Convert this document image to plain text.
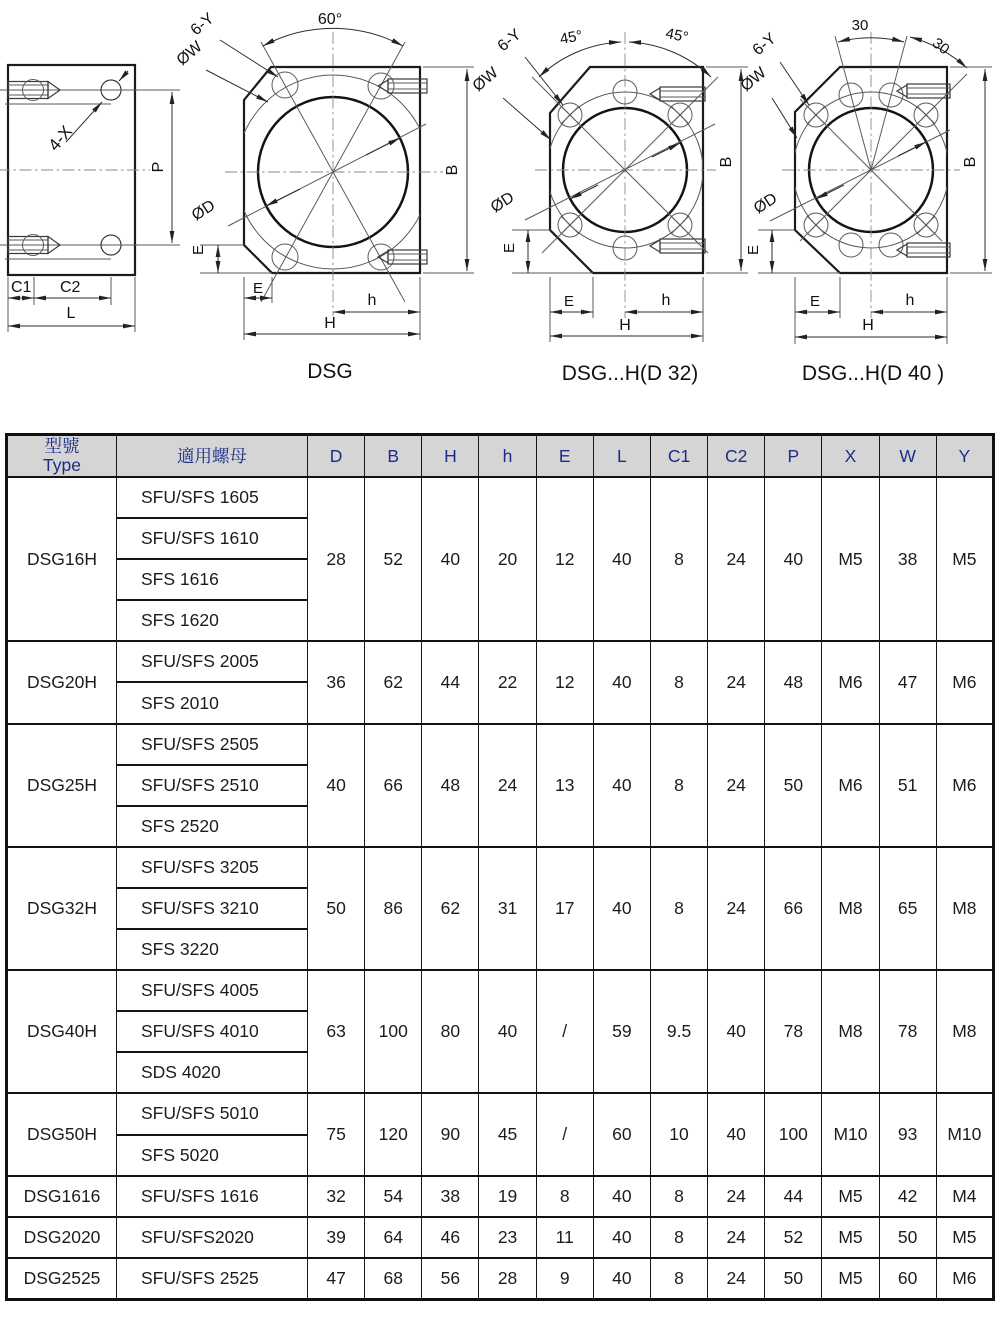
4-X
P
C1 C2
L
60°
6-Y
ØW
ØD
B
E
E
h
H
DSG
45°	45°
6-Y
ØW
ØD
B
E
E	h
H
DSG...H(D 32)
30
30
6-Y
ØW
ØD
B
E
E	h
H
DSG...H(D 40 )
型號
Type	適用螺母	D	B	H	h	E	L	C1	C2	P	X	W	Y
DSG16H	SFU/SFS 1605	28	52	40	20	12	40	8	24	40	M5	38	M5
	SFU/SFS 1610												
	SFS 1616												
	SFS 1620												
DSG20H	SFU/SFS 2005	36	62	44	22	12	40	8	24	48	M6	47	M6
	SFS 2010												
DSG25H	SFU/SFS 2505	40	66	48	24	13	40	8	24	50	M6	51	M6
	SFU/SFS 2510												
	SFS 2520												
DSG32H	SFU/SFS 3205	50	86	62	31	17	40	8	24	66	M8	65	M8
	SFU/SFS 3210												
	SFS 3220												
DSG40H	SFU/SFS 4005	63	100	80	40	/	59	9.5	40	78	M8	78	M8
	SFU/SFS 4010												
	SDS 4020												
DSG50H	SFU/SFS 5010	75	120	90	45	/	60	10	40	100	M10	93	M10
	SFS 5020												
DSG1616	SFU/SFS 1616	32	54	38	19	8	40	8	24	44	M5	42	M4
DSG2020	SFU/SFS2020	39	64	46	23	11	40	8	24	52	M5	50	M5
DSG2525	SFU/SFS 2525	47	68	56	28	9	40	8	24	50	M5	60	M6
